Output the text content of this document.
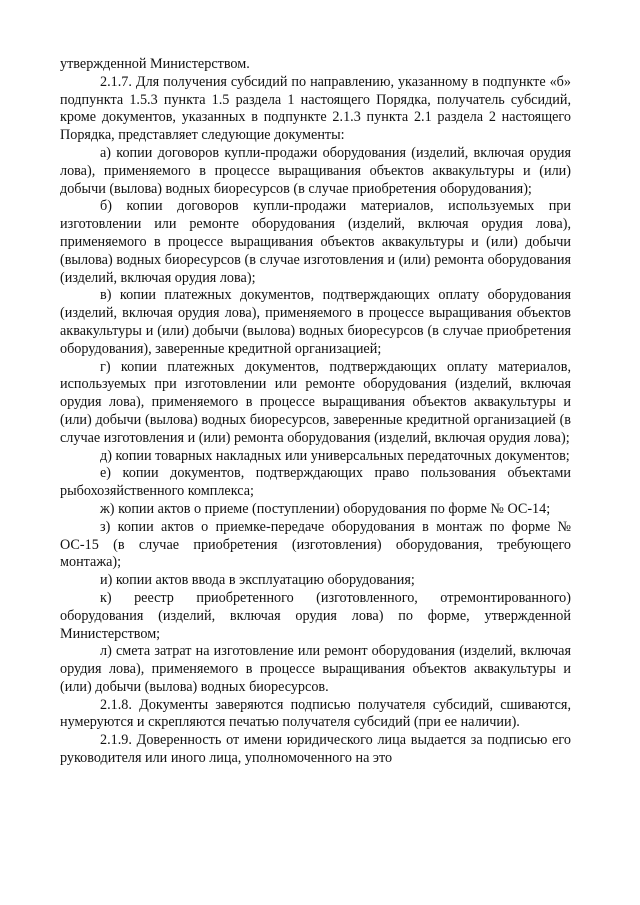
утвержденной Министерством.

2.1.7. Для получения субсидий по направлению, указанному в подпункте «б» подпункта 1.5.3 пункта 1.5 раздела 1 настоящего Порядка, получатель субсидий, кроме документов, указанных в подпункте 2.1.3 пункта 2.1 раздела 2 настоящего Порядка, представляет следующие документы:

а) копии договоров купли-продажи оборудования (изделий, включая орудия лова), применяемого в процессе выращивания объектов аквакультуры и (или) добычи (вылова) водных биоресурсов (в случае приобретения оборудования);

б) копии договоров купли-продажи материалов, используемых при изготовлении или ремонте оборудования (изделий, включая орудия лова), применяемого в процессе выращивания объектов аквакультуры и (или) добычи (вылова) водных биоресурсов (в случае изготовления и (или) ремонта оборудования (изделий, включая орудия лова);

в) копии платежных документов, подтверждающих оплату оборудования (изделий, включая орудия лова), применяемого в процессе выращивания объектов аквакультуры и (или) добычи (вылова) водных биоресурсов (в случае приобретения оборудования), заверенные кредитной организацией;

г) копии платежных документов, подтверждающих оплату материалов, используемых при изготовлении или ремонте оборудования (изделий, включая орудия лова), применяемого в процессе выращивания объектов аквакультуры и (или) добычи (вылова) водных биоресурсов, заверенные кредитной организацией (в случае изготовления и (или) ремонта оборудования (изделий, включая орудия лова);

д) копии товарных накладных или универсальных передаточных документов;

е) копии документов, подтверждающих право пользования объектами рыбохозяйственного комплекса;

ж) копии актов о приеме (поступлении) оборудования по форме № ОС-14;

з) копии актов о приемке-передаче оборудования в монтаж по форме № ОС-15 (в случае приобретения (изготовления) оборудования, требующего монтажа);

и) копии актов ввода в эксплуатацию оборудования;

к) реестр приобретенного (изготовленного, отремонтированного) оборудования (изделий, включая орудия лова) по форме, утвержденной Министерством;

л) смета затрат на изготовление или ремонт оборудования (изделий, включая орудия лова), применяемого в процессе выращивания объектов аквакультуры и (или) добычи (вылова) водных биоресурсов.

2.1.8. Документы заверяются подписью получателя субсидий, сшиваются, нумеруются и скрепляются печатью получателя субсидий (при ее наличии).

2.1.9. Доверенность от имени юридического лица выдается за подписью его руководителя или иного лица, уполномоченного на это
